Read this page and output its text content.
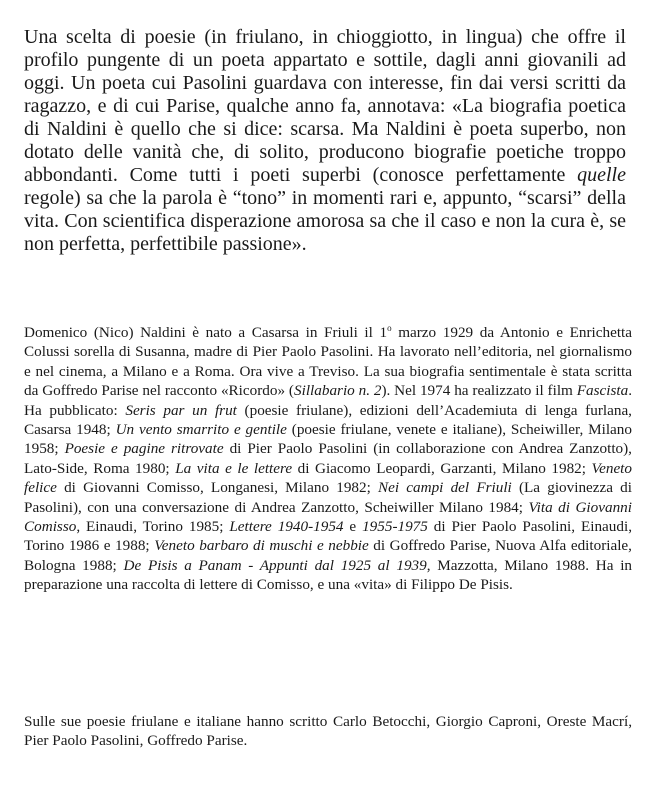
Una scelta di poesie (in friulano, in chioggiotto, in lingua) che offre il profilo pungente di un poeta appartato e sottile, dagli anni giovanili ad oggi. Un poeta cui Pasolini guardava con interesse, fin dai versi scritti da ragazzo, e di cui Parise, qualche anno fa, annotava: «La biografia poetica di Naldini è quello che si dice: scarsa. Ma Naldini è poeta superbo, non dotato delle vanità che, di solito, producono biografie poetiche troppo abbondanti. Come tutti i poeti superbi (conosce perfettamente quelle regole) sa che la parola è “tono” in momenti rari e, appunto, “scarsi” della vita. Con scientifica disperazione amorosa sa che il caso e non la cura è, se non perfetta, perfettibile passione».

Domenico (Nico) Naldini è nato a Casarsa in Friuli il 1$^o$ marzo 1929 da Antonio e Enrichetta Colussi sorella di Susanna, madre di Pier Paolo Pasolini. Ha lavorato nell’editoria, nel giornalismo e nel cinema, a Milano e a Roma. Ora vive a Treviso. La sua biografia sentimentale è stata scritta da Goffredo Parise nel racconto «Ricordo» (Sillabario n. 2). Nel 1974 ha realizzato il film Fascista. Ha pubblicato: Seris par un frut (poesie friulane), edizioni dell’Academiuta di lenga furlana, Casarsa 1948; Un vento smarrito e gentile (poesie friulane, venete e italiane), Scheiwiller, Milano 1958; Poesie e pagine ritrovate di Pier Paolo Pasolini (in collaborazione con Andrea Zanzotto), Lato-Side, Roma 1980; La vita e le lettere di Giacomo Leopardi, Garzanti, Milano 1982; Veneto felice di Giovanni Comisso, Longanesi, Milano 1982; Nei campi del Friuli (La giovinezza di Pasolini), con una conversazione di Andrea Zanzotto, Scheiwiller Milano 1984; Vita di Giovanni Comisso, Einaudi, Torino 1985; Lettere 1940-1954 e 1955-1975 di Pier Paolo Pasolini, Einaudi, Torino 1986 e 1988; Veneto barbaro di muschi e nebbie di Goffredo Parise, Nuova Alfa editoriale, Bologna 1988; De Pisis a Panam - Appunti dal 1925 al 1939, Mazzotta, Milano 1988. Ha in preparazione una raccolta di lettere di Comisso, e una «vita» di Filippo De Pisis.

Sulle sue poesie friulane e italiane hanno scritto Carlo Betocchi, Giorgio Caproni, Oreste Macrí, Pier Paolo Pasolini, Goffredo Parise.
